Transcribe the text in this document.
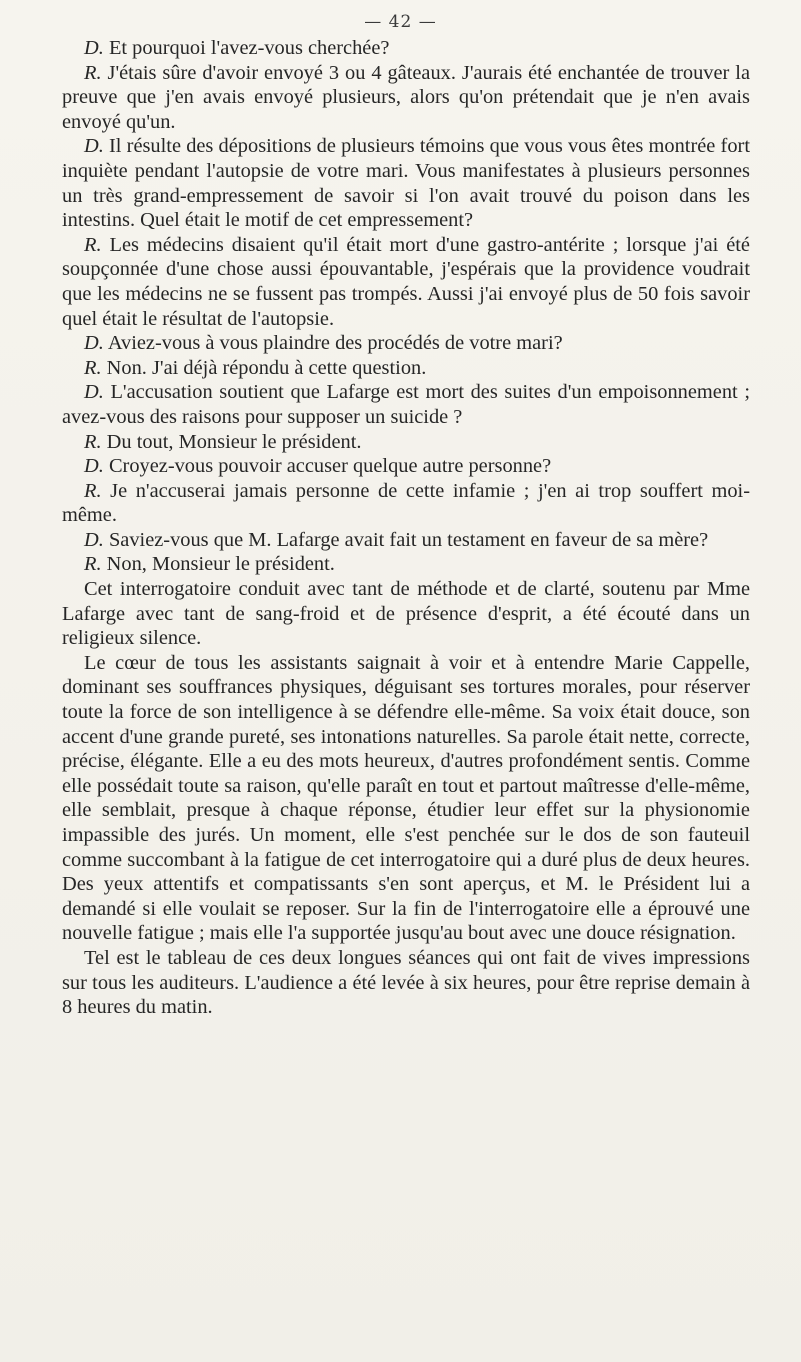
— 42 —

D. Et pourquoi l'avez-vous cherchée?

R. J'étais sûre d'avoir envoyé 3 ou 4 gâteaux. J'aurais été enchantée de trouver la preuve que j'en avais envoyé plusieurs, alors qu'on prétendait que je n'en avais envoyé qu'un.

D. Il résulte des dépositions de plusieurs témoins que vous vous êtes montrée fort inquiète pendant l'autopsie de votre mari. Vous manifestates à plusieurs personnes un très grand-empressement de savoir si l'on avait trouvé du poison dans les intestins. Quel était le motif de cet empressement?

R. Les médecins disaient qu'il était mort d'une gastro-antérite ; lorsque j'ai été soupçonnée d'une chose aussi épouvantable, j'espérais que la providence voudrait que les médecins ne se fussent pas trompés. Aussi j'ai envoyé plus de 50 fois savoir quel était le résultat de l'autopsie.

D. Aviez-vous à vous plaindre des procédés de votre mari?

R. Non. J'ai déjà répondu à cette question.

D. L'accusation soutient que Lafarge est mort des suites d'un empoisonnement ; avez-vous des raisons pour supposer un suicide ?

R. Du tout, Monsieur le président.

D. Croyez-vous pouvoir accuser quelque autre personne?

R. Je n'accuserai jamais personne de cette infamie ; j'en ai trop souffert moi-même.

D. Saviez-vous que M. Lafarge avait fait un testament en faveur de sa mère?

R. Non, Monsieur le président.

Cet interrogatoire conduit avec tant de méthode et de clarté, soutenu par Mme Lafarge avec tant de sang-froid et de présence d'esprit, a été écouté dans un religieux silence.

Le cœur de tous les assistants saignait à voir et à entendre Marie Cappelle, dominant ses souffrances physiques, déguisant ses tortures morales, pour réserver toute la force de son intelligence à se défendre elle-même. Sa voix était douce, son accent d'une grande pureté, ses intonations naturelles. Sa parole était nette, correcte, précise, élégante. Elle a eu des mots heureux, d'autres profondément sentis. Comme elle possédait toute sa raison, qu'elle paraît en tout et partout maîtresse d'elle-même, elle semblait, presque à chaque réponse, étudier leur effet sur la physionomie impassible des jurés. Un moment, elle s'est penchée sur le dos de son fauteuil comme succombant à la fatigue de cet interrogatoire qui a duré plus de deux heures. Des yeux attentifs et compatissants s'en sont aperçus, et M. le Président lui a demandé si elle voulait se reposer. Sur la fin de l'interrogatoire elle a éprouvé une nouvelle fatigue ; mais elle l'a supportée jusqu'au bout avec une douce résignation.

Tel est le tableau de ces deux longues séances qui ont fait de vives impressions sur tous les auditeurs. L'audience a été levée à six heures, pour être reprise demain à 8 heures du matin.
